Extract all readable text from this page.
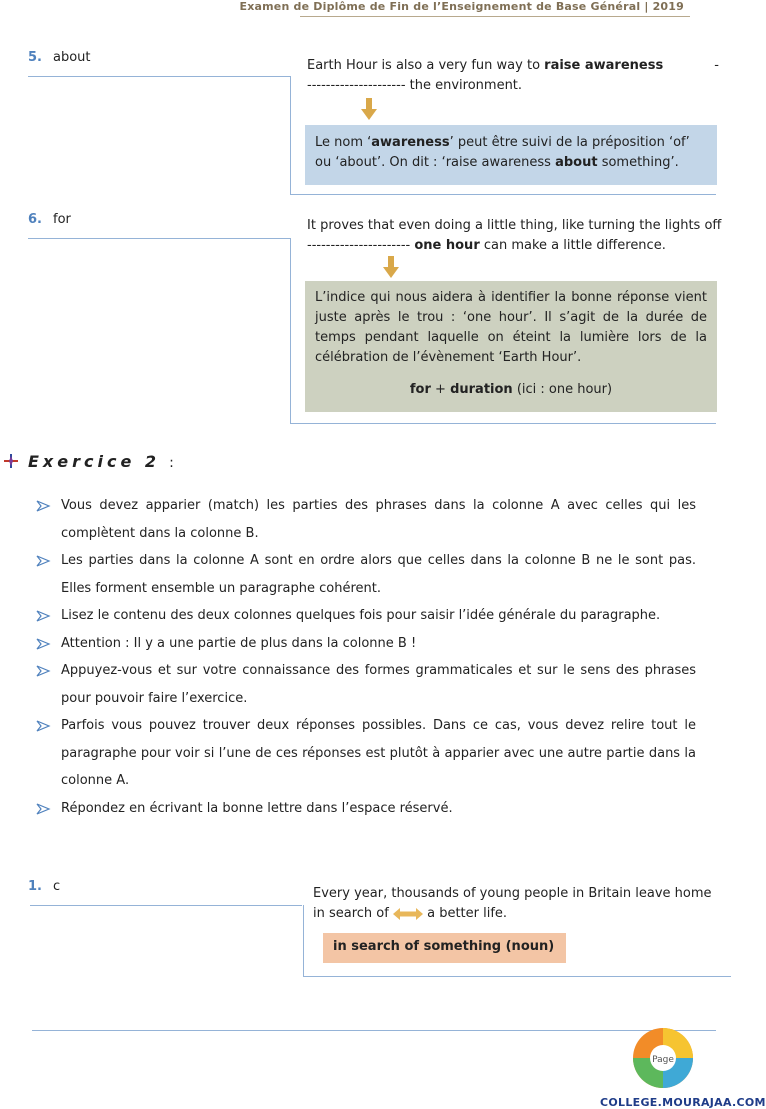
Examen de Diplôme de Fin de l’Enseignement de Base Général | 2019
5. about
Earth Hour is also a very fun way to raise awareness	-
--------------------- the environment.
Le nom ‘awareness’ peut être suivi de la préposition ‘of’ ou ‘about’. On dit : ‘raise awareness about something’.
6. for	It proves that even doing a little thing, like turning the lights off
---------------------- one hour can make a little difference.
L’indice qui nous aidera à identifier la bonne réponse vient juste après le trou : ‘one hour’. Il s’agit de la durée de temps pendant laquelle on éteint la lumière lors de la célébration de l’évènement ‘Earth Hour’.
for + duration (ici : one hour)
Exercice 2 :
Vous devez apparier (match) les parties des phrases dans la colonne A avec celles qui les complètent dans la colonne B.
Les parties dans la colonne A sont en ordre alors que celles dans la colonne B ne le sont pas. Elles forment ensemble un paragraphe cohérent.
Lisez le contenu des deux colonnes quelques fois pour saisir l’idée générale du paragraphe.
Attention : Il y a une partie de plus dans la colonne B !
Appuyez-vous et sur votre connaissance des formes grammaticales et sur le sens des phrases pour pouvoir faire l’exercice.
Parfois vous pouvez trouver deux réponses possibles. Dans ce cas, vous devez relire tout le paragraphe pour voir si l’une de ces réponses est plutôt à apparier avec une autre partie dans la colonne A.
Répondez en écrivant la bonne lettre dans l’espace réservé.
1. c	Every year, thousands of young people in Britain leave home
in search of  a better life.
in search of something (noun)
Page
COLLEGE.MOURAJAA.COM
